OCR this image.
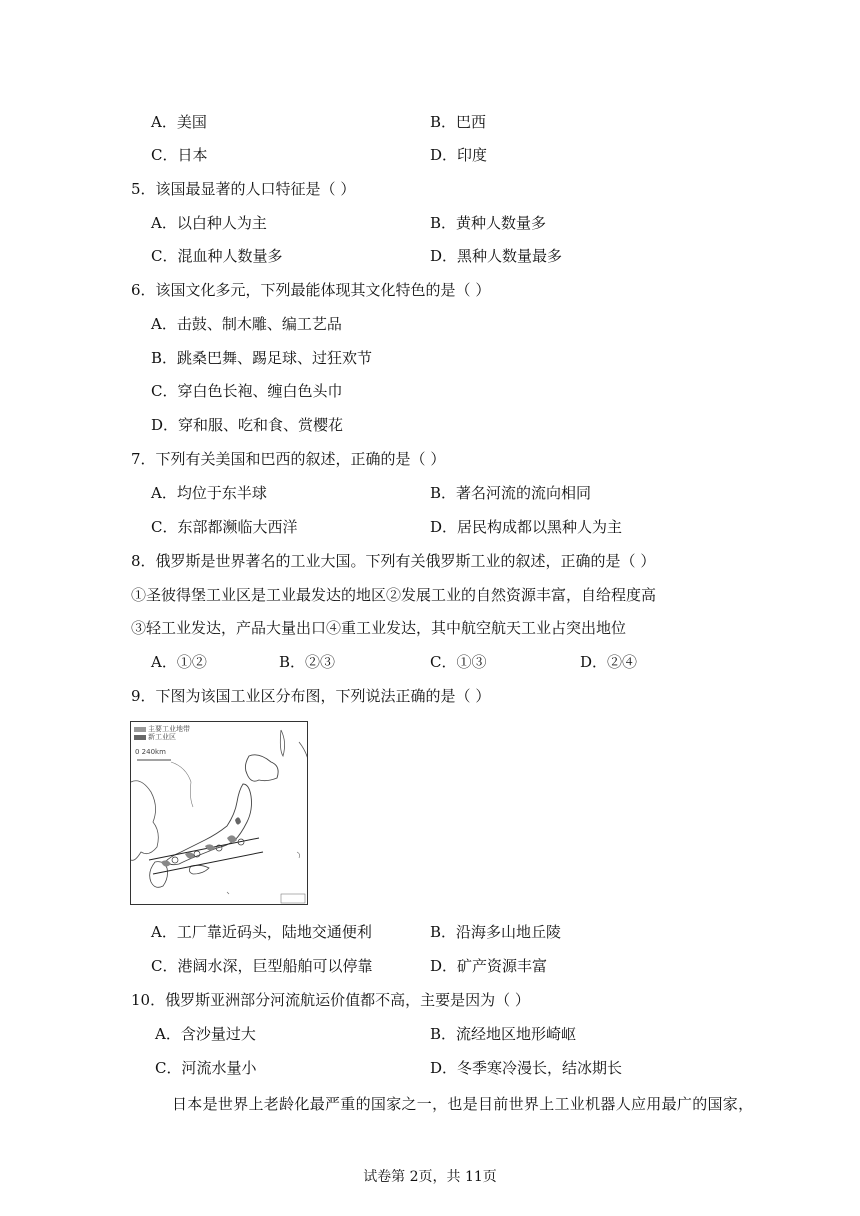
A．美国	B．巴西
C．日本	D．印度
5．该国最显著的人口特征是（ ）
A．以白种人为主	B．黄种人数量多
C．混血种人数量多	D．黑种人数量最多
6．该国文化多元，下列最能体现其文化特色的是（ ）
A．击鼓、制木雕、编工艺品
B．跳桑巴舞、踢足球、过狂欢节
C．穿白色长袍、缠白色头巾
D．穿和服、吃和食、赏樱花
7．下列有关美国和巴西的叙述，正确的是（ ）
A．均位于东半球	B．著名河流的流向相同
C．东部都濒临大西洋	D．居民构成都以黑种人为主
8．俄罗斯是世界著名的工业大国。下列有关俄罗斯工业的叙述，正确的是（ ）
①圣彼得堡工业区是工业最发达的地区②发展工业的自然资源丰富，自给程度高
③轻工业发达，产品大量出口④重工业发达，其中航空航天工业占突出地位
A．①②	B．②③	C．①③	D．②④
9．下图为该国工业区分布图，下列说法正确的是（ ）
主要工业地带
新工业区
0 240km
A．工厂靠近码头，陆地交通便利	B．沿海多山地丘陵
C．港阔水深，巨型船舶可以停靠	D．矿产资源丰富
10．俄罗斯亚洲部分河流航运价值都不高，主要是因为（ ）
A．含沙量过大	B．流经地区地形崎岖
C．河流水量小	D．冬季寒冷漫长，结冰期长
日本是世界上老龄化最严重的国家之一，也是目前世界上工业机器人应用最广的国家，
试卷第 2页，共 11页
